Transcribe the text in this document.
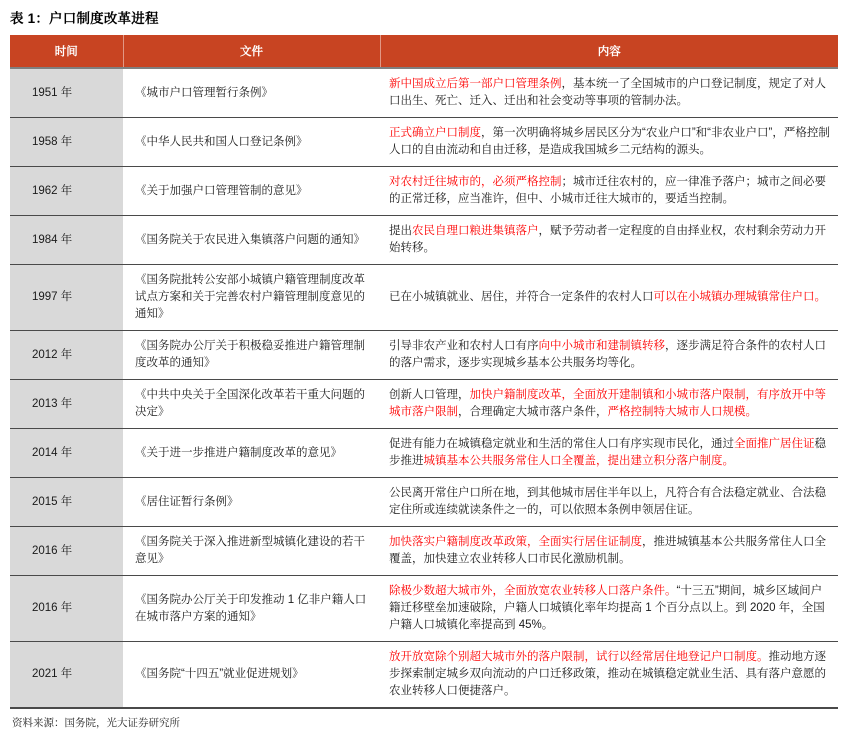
表 1：户口制度改革进程
时间	文件	内容
1951 年	《城市户口管理暂行条例》	新中国成立后第一部户口管理条例，基本统一了全国城市的户口登记制度，规定了对人口出生、死亡、迁入、迁出和社会变动等事项的管制办法。
1958 年	《中华人民共和国人口登记条例》	正式确立户口制度，第一次明确将城乡居民区分为“农业户口”和“非农业户口”，严格控制人口的自由流动和自由迁移，是造成我国城乡二元结构的源头。
1962 年	《关于加强户口管理管制的意见》	对农村迁往城市的，必须严格控制；城市迁往农村的，应一律准予落户；城市之间必要的正常迁移，应当准许，但中、小城市迁往大城市的，要适当控制。
1984 年	《国务院关于农民进入集镇落户问题的通知》	提出农民自理口粮进集镇落户，赋予劳动者一定程度的自由择业权，农村剩余劳动力开始转移。
1997 年	《国务院批转公安部小城镇户籍管理制度改革试点方案和关于完善农村户籍管理制度意见的通知》	已在小城镇就业、居住，并符合一定条件的农村人口可以在小城镇办理城镇常住户口。
2012 年	《国务院办公厅关于积极稳妥推进户籍管理制度改革的通知》	引导非农产业和农村人口有序向中小城市和建制镇转移，逐步满足符合条件的农村人口的落户需求，逐步实现城乡基本公共服务均等化。
2013 年	《中共中央关于全国深化改革若干重大问题的决定》	创新人口管理，加快户籍制度改革，全面放开建制镇和小城市落户限制，有序放开中等城市落户限制，合理确定大城市落户条件，严格控制特大城市人口规模。
2014 年	《关于进一步推进户籍制度改革的意见》	促进有能力在城镇稳定就业和生活的常住人口有序实现市民化，通过全面推广居住证稳步推进城镇基本公共服务常住人口全覆盖，提出建立积分落户制度。
2015 年	《居住证暂行条例》	公民离开常住户口所在地，到其他城市居住半年以上，凡符合有合法稳定就业、合法稳定住所或连续就读条件之一的，可以依照本条例申领居住证。
2016 年	《国务院关于深入推进新型城镇化建设的若干意见》	加快落实户籍制度改革政策，全面实行居住证制度，推进城镇基本公共服务常住人口全覆盖，加快建立农业转移人口市民化激励机制。
2016 年	《国务院办公厅关于印发推动 1 亿非户籍人口在城市落户方案的通知》	除极少数超大城市外，全面放宽农业转移人口落户条件。“十三五”期间，城乡区域间户籍迁移壁垒加速破除，户籍人口城镇化率年均提高 1 个百分点以上。到 2020 年，全国户籍人口城镇化率提高到 45%。
2021 年	《国务院“十四五”就业促进规划》	放开放宽除个别超大城市外的落户限制，试行以经常居住地登记户口制度。推动地方逐步探索制定城乡双向流动的户口迁移政策，推动在城镇稳定就业生活、具有落户意愿的农业转移人口便捷落户。
资料来源：国务院，光大证券研究所
